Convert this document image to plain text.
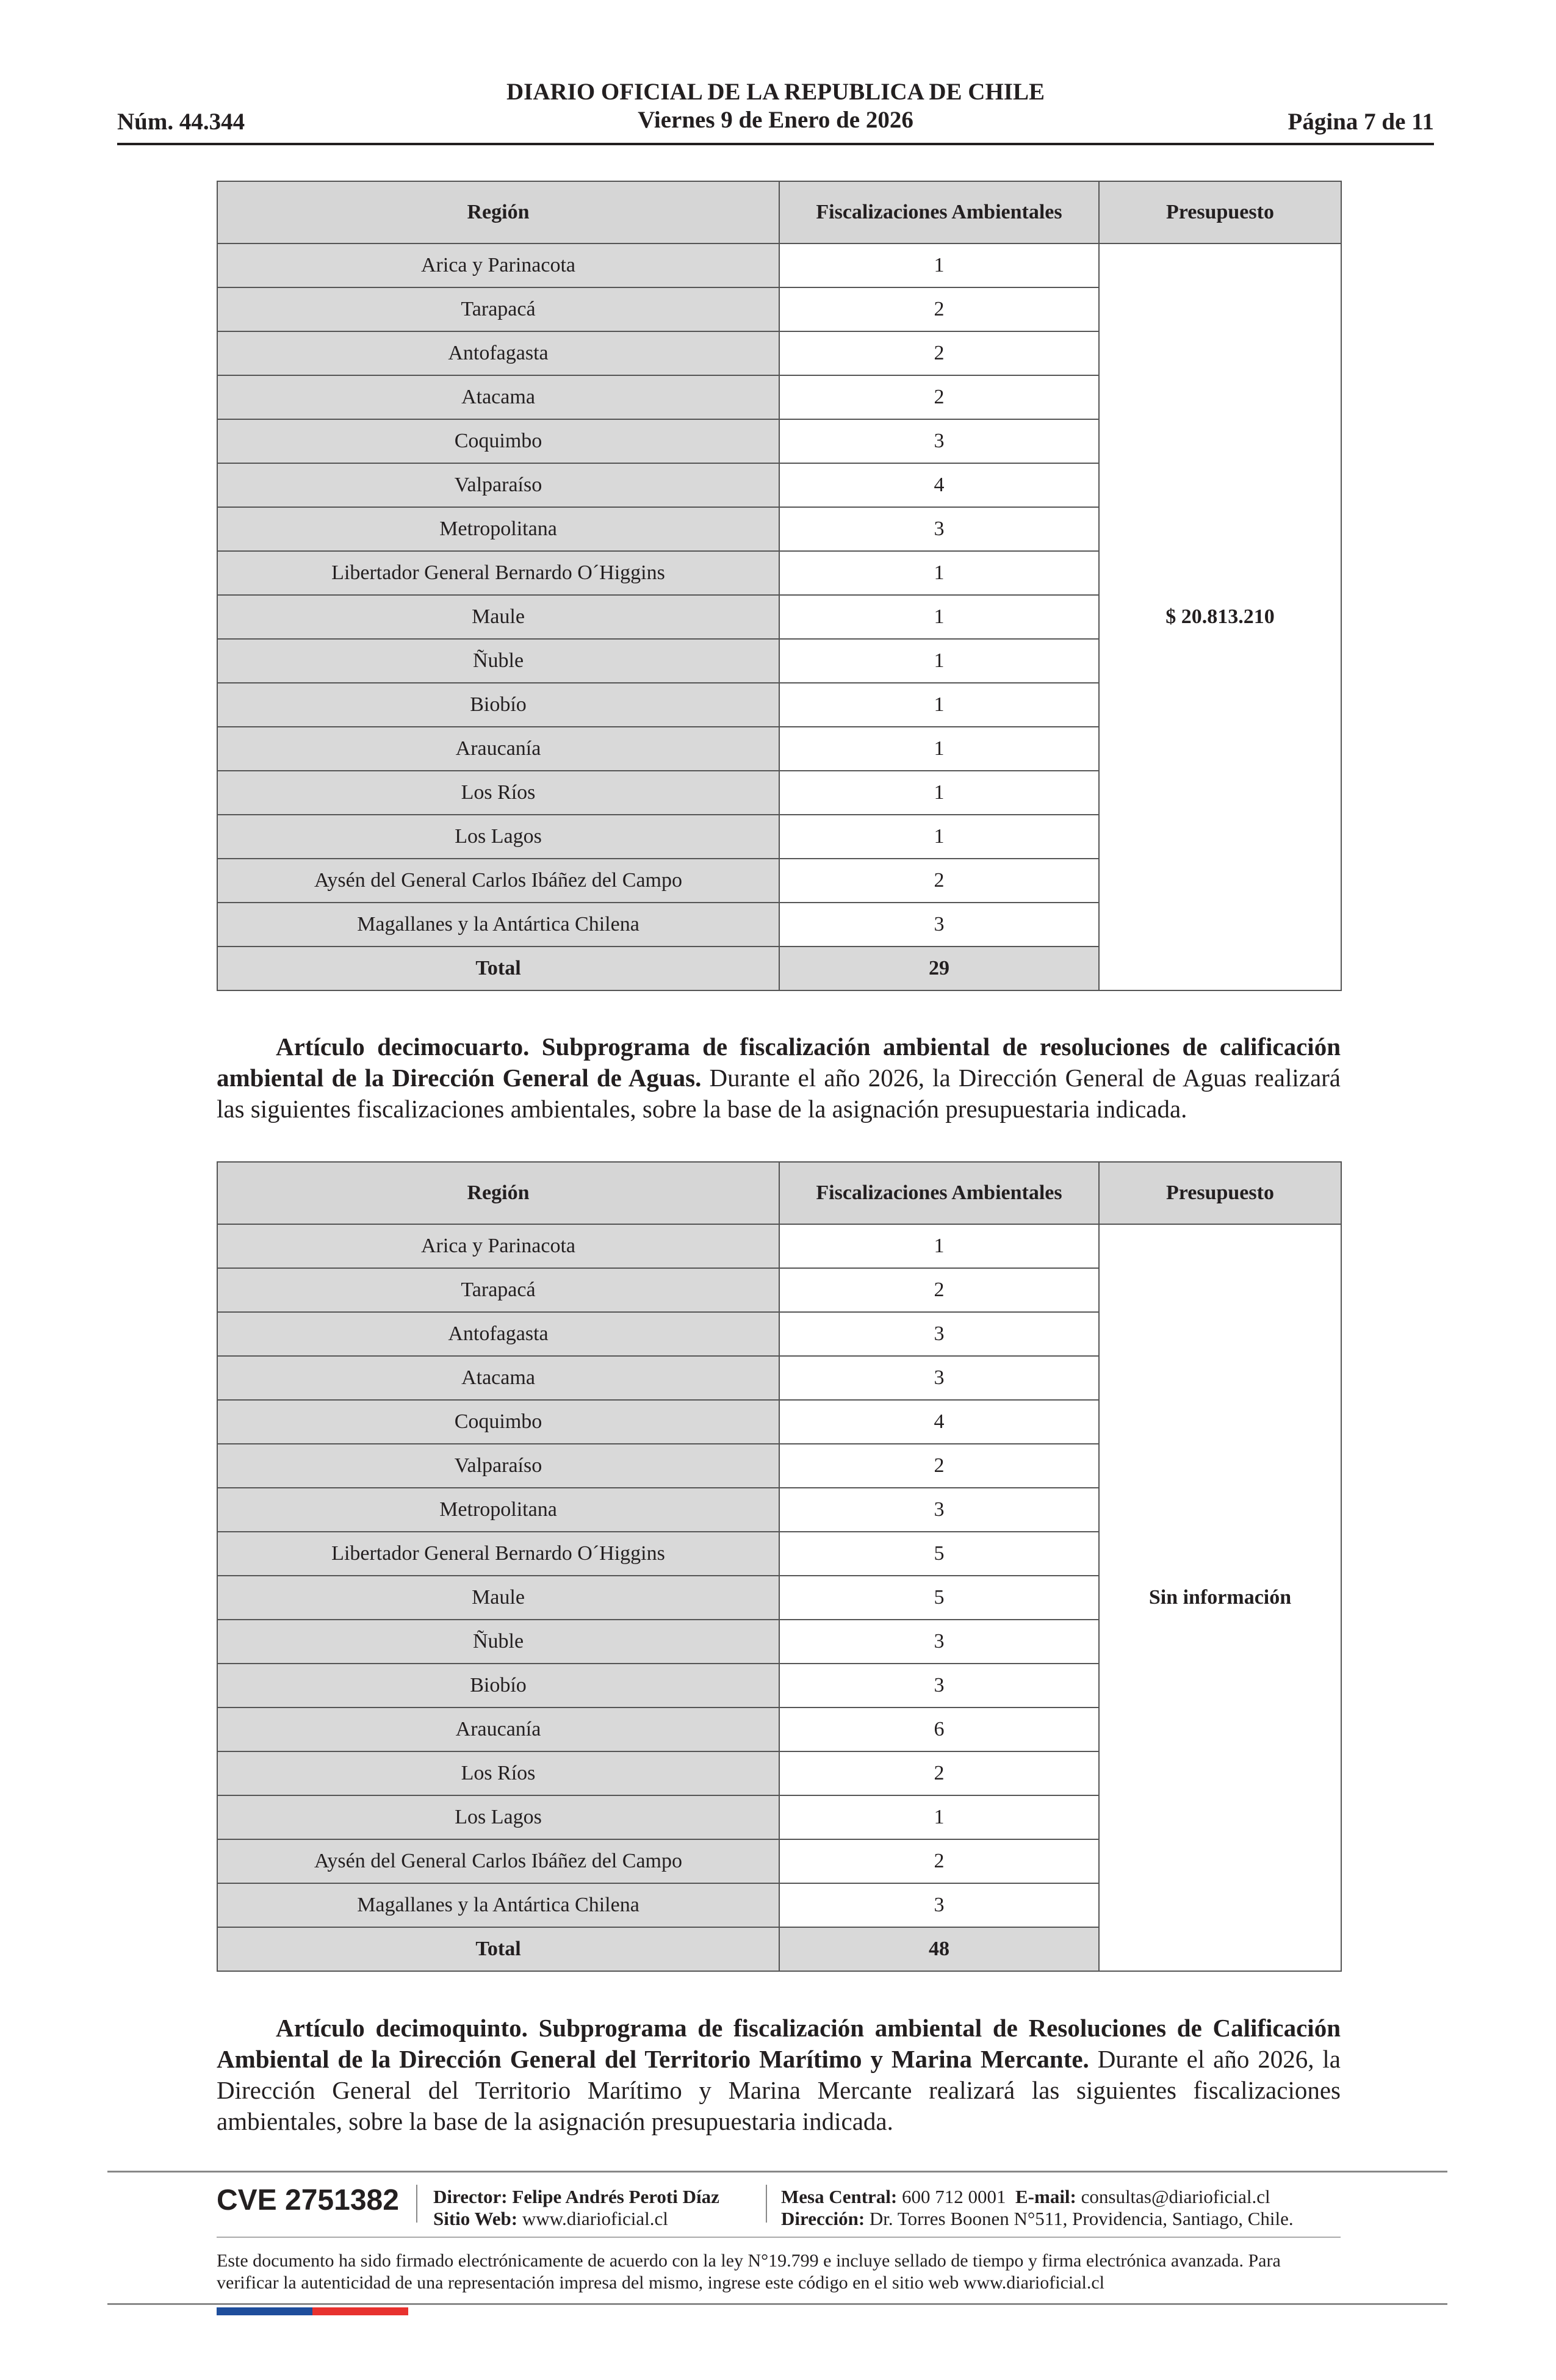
Núm. 44.344
DIARIO OFICIAL DE LA REPUBLICA DE CHILE
Viernes 9 de Enero de 2026	Página 7 de 11
Región	Fiscalizaciones Ambientales	Presupuesto
Arica y Parinacota	1	$ 20.813.210
Tarapacá	2	
Antofagasta	2	
Atacama	2	
Coquimbo	3	
Valparaíso	4	
Metropolitana	3	
Libertador General Bernardo O´Higgins	1	
Maule	1	
Ñuble	1	
Biobío	1	
Araucanía	1	
Los Ríos	1	
Los Lagos	1	
Aysén del General Carlos Ibáñez del Campo	2	
Magallanes y la Antártica Chilena	3	
Total	29	
Artículo decimocuarto. Subprograma de fiscalización ambiental de resoluciones de calificación ambiental de la Dirección General de Aguas. Durante el año 2026, la Dirección General de Aguas realizará las siguientes fiscalizaciones ambientales, sobre la base de la asignación presupuestaria indicada.
Región	Fiscalizaciones Ambientales	Presupuesto
Arica y Parinacota	1	Sin información
Tarapacá	2	
Antofagasta	3	
Atacama	3	
Coquimbo	4	
Valparaíso	2	
Metropolitana	3	
Libertador General Bernardo O´Higgins	5	
Maule	5	
Ñuble	3	
Biobío	3	
Araucanía	6	
Los Ríos	2	
Los Lagos	1	
Aysén del General Carlos Ibáñez del Campo	2	
Magallanes y la Antártica Chilena	3	
Total	48	
Artículo decimoquinto. Subprograma de fiscalización ambiental de Resoluciones de Calificación Ambiental de la Dirección General del Territorio Marítimo y Marina Mercante. Durante el año 2026, la Dirección General del Territorio Marítimo y Marina Mercante realizará las siguientes fiscalizaciones ambientales, sobre la base de la asignación presupuestaria indicada.
CVE 2751382 Director: Felipe Andrés Peroti Díaz
Sitio Web: www.diarioficial.cl
Mesa Central: 600 712 0001 E-mail: consultas@diarioficial.cl
Dirección: Dr. Torres Boonen N°511, Providencia, Santiago, Chile.
Este documento ha sido firmado electrónicamente de acuerdo con la ley N°19.799 e incluye sellado de tiempo y firma electrónica avanzada. Para verificar la autenticidad de una representación impresa del mismo, ingrese este código en el sitio web www.diarioficial.cl
